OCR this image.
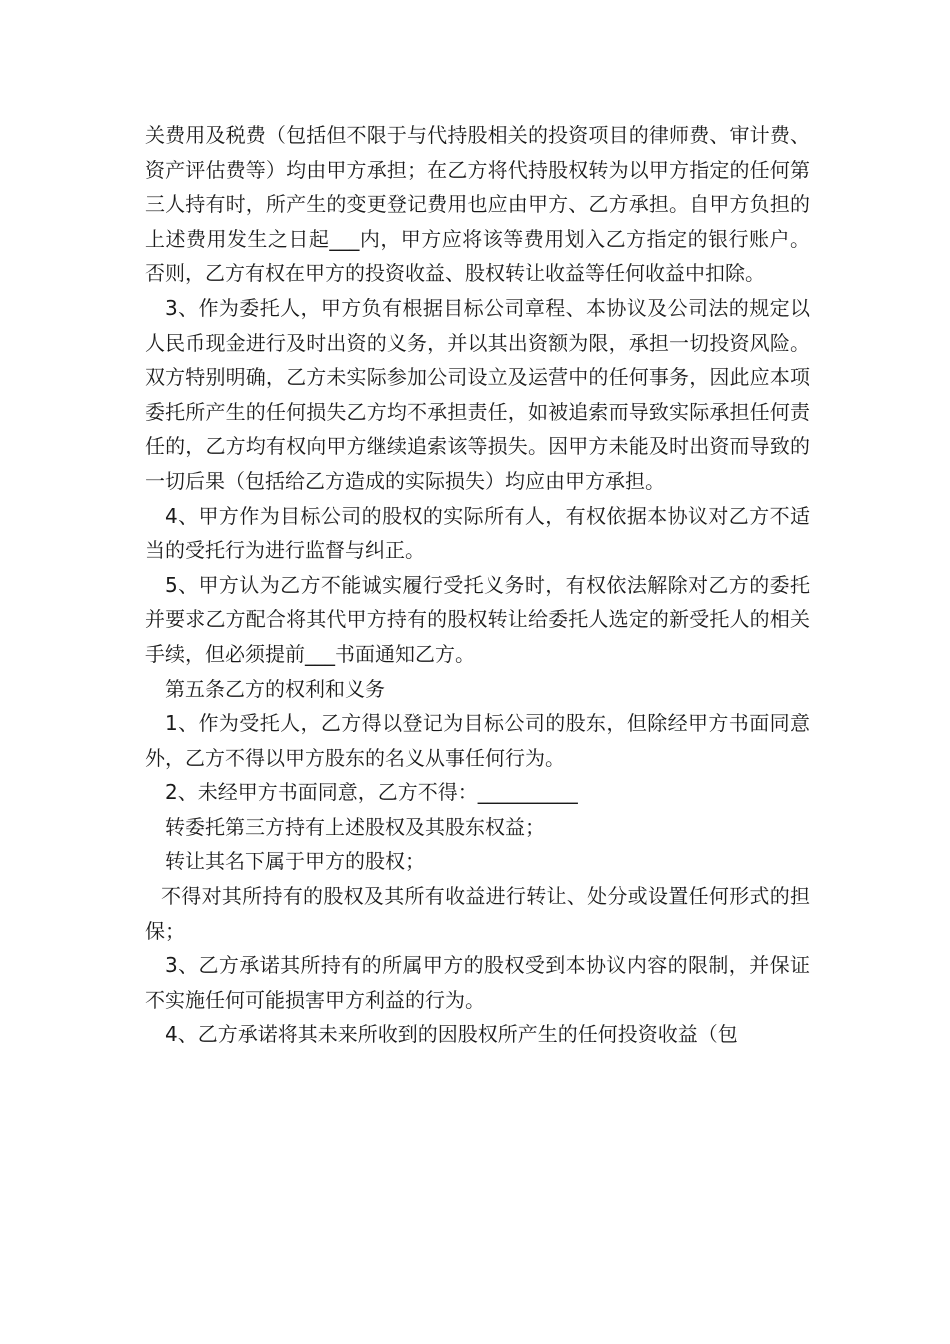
关费用及税费（包括但不限于与代持股相关的投资项目的律师费、审计费、资产评估费等）均由甲方承担；在乙方将代持股权转为以甲方指定的任何第三人持有时，所产生的变更登记费用也应由甲方、乙方承担。自甲方负担的上述费用发生之日起___内，甲方应将该等费用划入乙方指定的银行账户。否则，乙方有权在甲方的投资收益、股权转让收益等任何收益中扣除。

3、作为委托人，甲方负有根据目标公司章程、本协议及公司法的规定以人民币现金进行及时出资的义务，并以其出资额为限，承担一切投资风险。双方特别明确，乙方未实际参加公司设立及运营中的任何事务，因此应本项委托所产生的任何损失乙方均不承担责任，如被追索而导致实际承担任何责任的，乙方均有权向甲方继续追索该等损失。因甲方未能及时出资而导致的一切后果（包括给乙方造成的实际损失）均应由甲方承担。

4、甲方作为目标公司的股权的实际所有人，有权依据本协议对乙方不适当的受托行为进行监督与纠正。

5、甲方认为乙方不能诚实履行受托义务时，有权依法解除对乙方的委托并要求乙方配合将其代甲方持有的股权转让给委托人选定的新受托人的相关手续，但必须提前___书面通知乙方。

第五条乙方的权利和义务

1、作为受托人，乙方得以登记为目标公司的股东，但除经甲方书面同意外，乙方不得以甲方股东的名义从事任何行为。

2、未经甲方书面同意，乙方不得：__________

转委托第三方持有上述股权及其股东权益；

转让其名下属于甲方的股权；

不得对其所持有的股权及其所有收益进行转让、处分或设置任何形式的担保；

3、乙方承诺其所持有的所属甲方的股权受到本协议内容的限制，并保证不实施任何可能损害甲方利益的行为。

4、乙方承诺将其未来所收到的因股权所产生的任何投资收益（包
